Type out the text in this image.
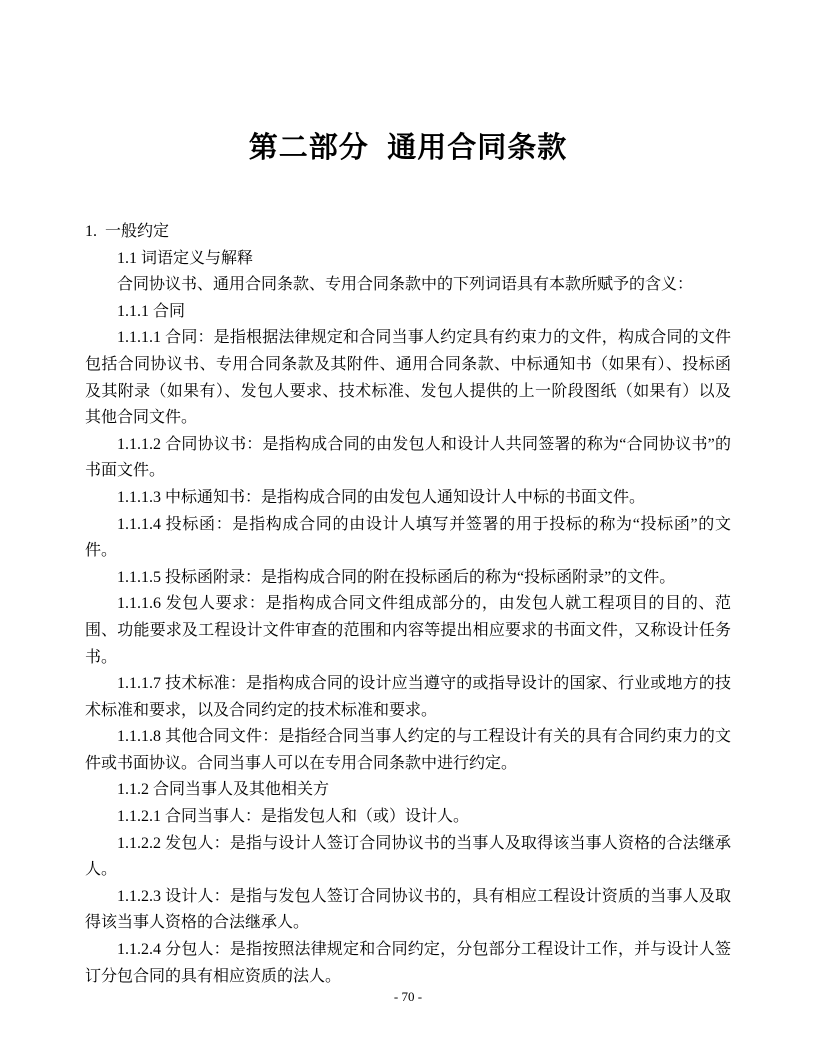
第二部分 通用合同条款

1.  一般约定

1.1 词语定义与解释

合同协议书、通用合同条款、专用合同条款中的下列词语具有本款所赋予的含义：

1.1.1 合同

1.1.1.1 合同：是指根据法律规定和合同当事人约定具有约束力的文件，构成合同的文件包括合同协议书、专用合同条款及其附件、通用合同条款、中标通知书（如果有）、投标函及其附录（如果有）、发包人要求、技术标准、发包人提供的上一阶段图纸（如果有）以及其他合同文件。

1.1.1.2 合同协议书：是指构成合同的由发包人和设计人共同签署的称为“合同协议书”的书面文件。

1.1.1.3 中标通知书：是指构成合同的由发包人通知设计人中标的书面文件。

1.1.1.4 投标函：是指构成合同的由设计人填写并签署的用于投标的称为“投标函”的文件。

1.1.1.5 投标函附录：是指构成合同的附在投标函后的称为“投标函附录”的文件。

1.1.1.6 发包人要求：是指构成合同文件组成部分的，由发包人就工程项目的目的、范围、功能要求及工程设计文件审查的范围和内容等提出相应要求的书面文件，又称设计任务书。

1.1.1.7 技术标准：是指构成合同的设计应当遵守的或指导设计的国家、行业或地方的技术标准和要求，以及合同约定的技术标准和要求。

1.1.1.8 其他合同文件：是指经合同当事人约定的与工程设计有关的具有合同约束力的文件或书面协议。合同当事人可以在专用合同条款中进行约定。

1.1.2 合同当事人及其他相关方

1.1.2.1 合同当事人：是指发包人和（或）设计人。

1.1.2.2 发包人：是指与设计人签订合同协议书的当事人及取得该当事人资格的合法继承人。

1.1.2.3 设计人：是指与发包人签订合同协议书的，具有相应工程设计资质的当事人及取得该当事人资格的合法继承人。

1.1.2.4 分包人：是指按照法律规定和合同约定，分包部分工程设计工作，并与设计人签订分包合同的具有相应资质的法人。

- 70 -
